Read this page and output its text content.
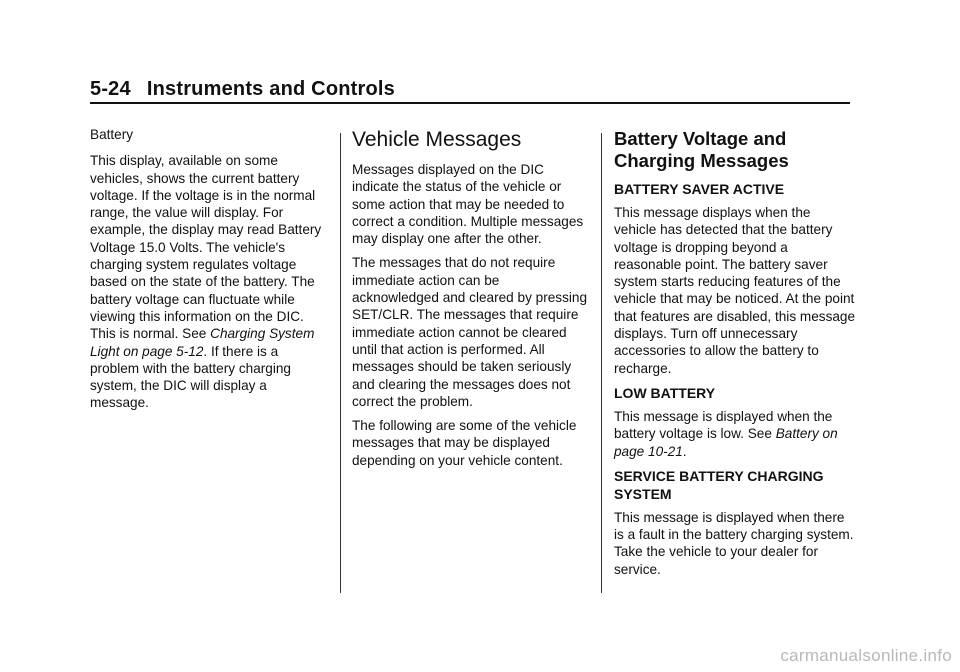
5-24 Instruments and Controls
Battery

This display, available on some vehicles, shows the current battery voltage. If the voltage is in the normal range, the value will display. For example, the display may read Battery Voltage 15.0 Volts. The vehicle's charging system regulates voltage based on the state of the battery. The battery voltage can fluctuate while viewing this information on the DIC. This is normal. See Charging System Light on page 5-12. If there is a problem with the battery charging system, the DIC will display a message.

Vehicle Messages

Messages displayed on the DIC indicate the status of the vehicle or some action that may be needed to correct a condition. Multiple messages may display one after the other.

The messages that do not require immediate action can be acknowledged and cleared by pressing SET/CLR. The messages that require immediate action cannot be cleared until that action is performed. All messages should be taken seriously and clearing the messages does not correct the problem.

The following are some of the vehicle messages that may be displayed depending on your vehicle content.

Battery Voltage and Charging Messages
BATTERY SAVER ACTIVE

This message displays when the vehicle has detected that the battery voltage is dropping beyond a reasonable point. The battery saver system starts reducing features of the vehicle that may be noticed. At the point that features are disabled, this message displays. Turn off unnecessary accessories to allow the battery to recharge.

LOW BATTERY

This message is displayed when the battery voltage is low. See Battery on page 10-21.

SERVICE BATTERY CHARGING SYSTEM

This message is displayed when there is a fault in the battery charging system. Take the vehicle to your dealer for service.

carmanualsonline.info
